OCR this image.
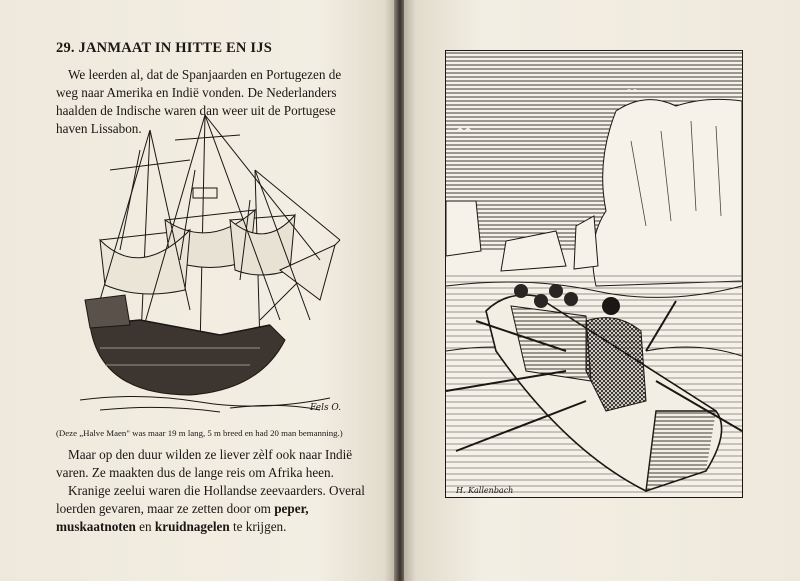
29. JANMAAT IN HITTE EN IJS
We leerden al, dat de Spanjaarden en Portugezen de weg naar Amerika en Indië vonden. De Nederlanders haalden de Indische waren dan weer uit de Portugese haven Lissabon.
Fels O.
(Deze „Halve Maen" was maar 19 m lang, 5 m breed en had 20 man bemanning.)
Maar op den duur wilden ze liever zèlf ook naar Indië varen. Ze maakten dus de lange reis om Afrika heen.
Kranige zeelui waren die Hollandse zeevaarders. Overal loerden gevaren, maar ze zetten door om peper, muskaatnoten en kruidnagelen te krijgen.
H. Kallenbach
